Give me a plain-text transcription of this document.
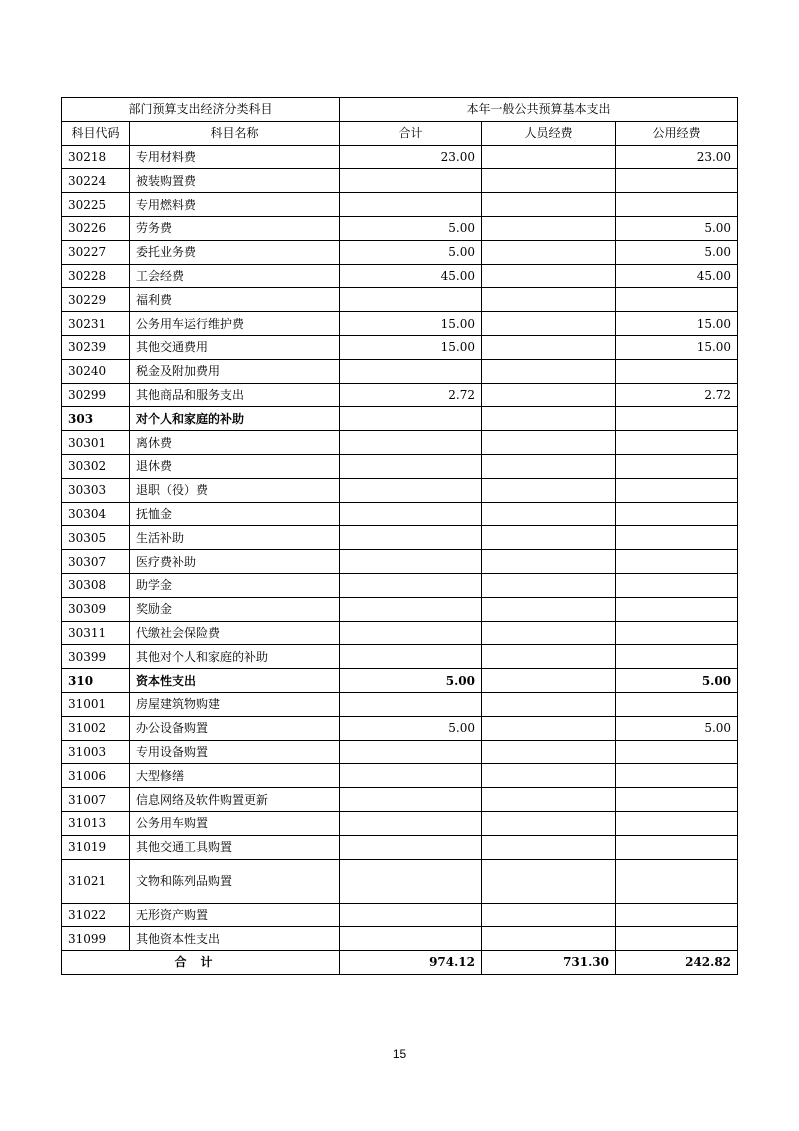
部门预算支出经济分类科目		本年一般公共预算基本支出		
科目代码	科目名称	合计	人员经费	公用经费
30218	专用材料费	23.00		23.00
30224	被装购置费			
30225	专用燃料费			
30226	劳务费	5.00		5.00
30227	委托业务费	5.00		5.00
30228	工会经费	45.00		45.00
30229	福利费			
30231	公务用车运行维护费	15.00		15.00
30239	其他交通费用	15.00		15.00
30240	税金及附加费用			
30299	其他商品和服务支出	2.72		2.72
303	对个人和家庭的补助			
30301	离休费			
30302	退休费			
30303	退职（役）费			
30304	抚恤金			
30305	生活补助			
30307	医疗费补助			
30308	助学金			
30309	奖励金			
30311	代缴社会保险费			
30399	其他对个人和家庭的补助			
310	资本性支出	5.00		5.00
31001	房屋建筑物购建			
31002	办公设备购置	5.00		5.00
31003	专用设备购置			
31006	大型修缮			
31007	信息网络及软件购置更新			
31013	公务用车购置			
31019	其他交通工具购置			
31021	文物和陈列品购置			
31022	无形资产购置			
31099	其他资本性支出			
合计		974.12	731.30	242.82
15
